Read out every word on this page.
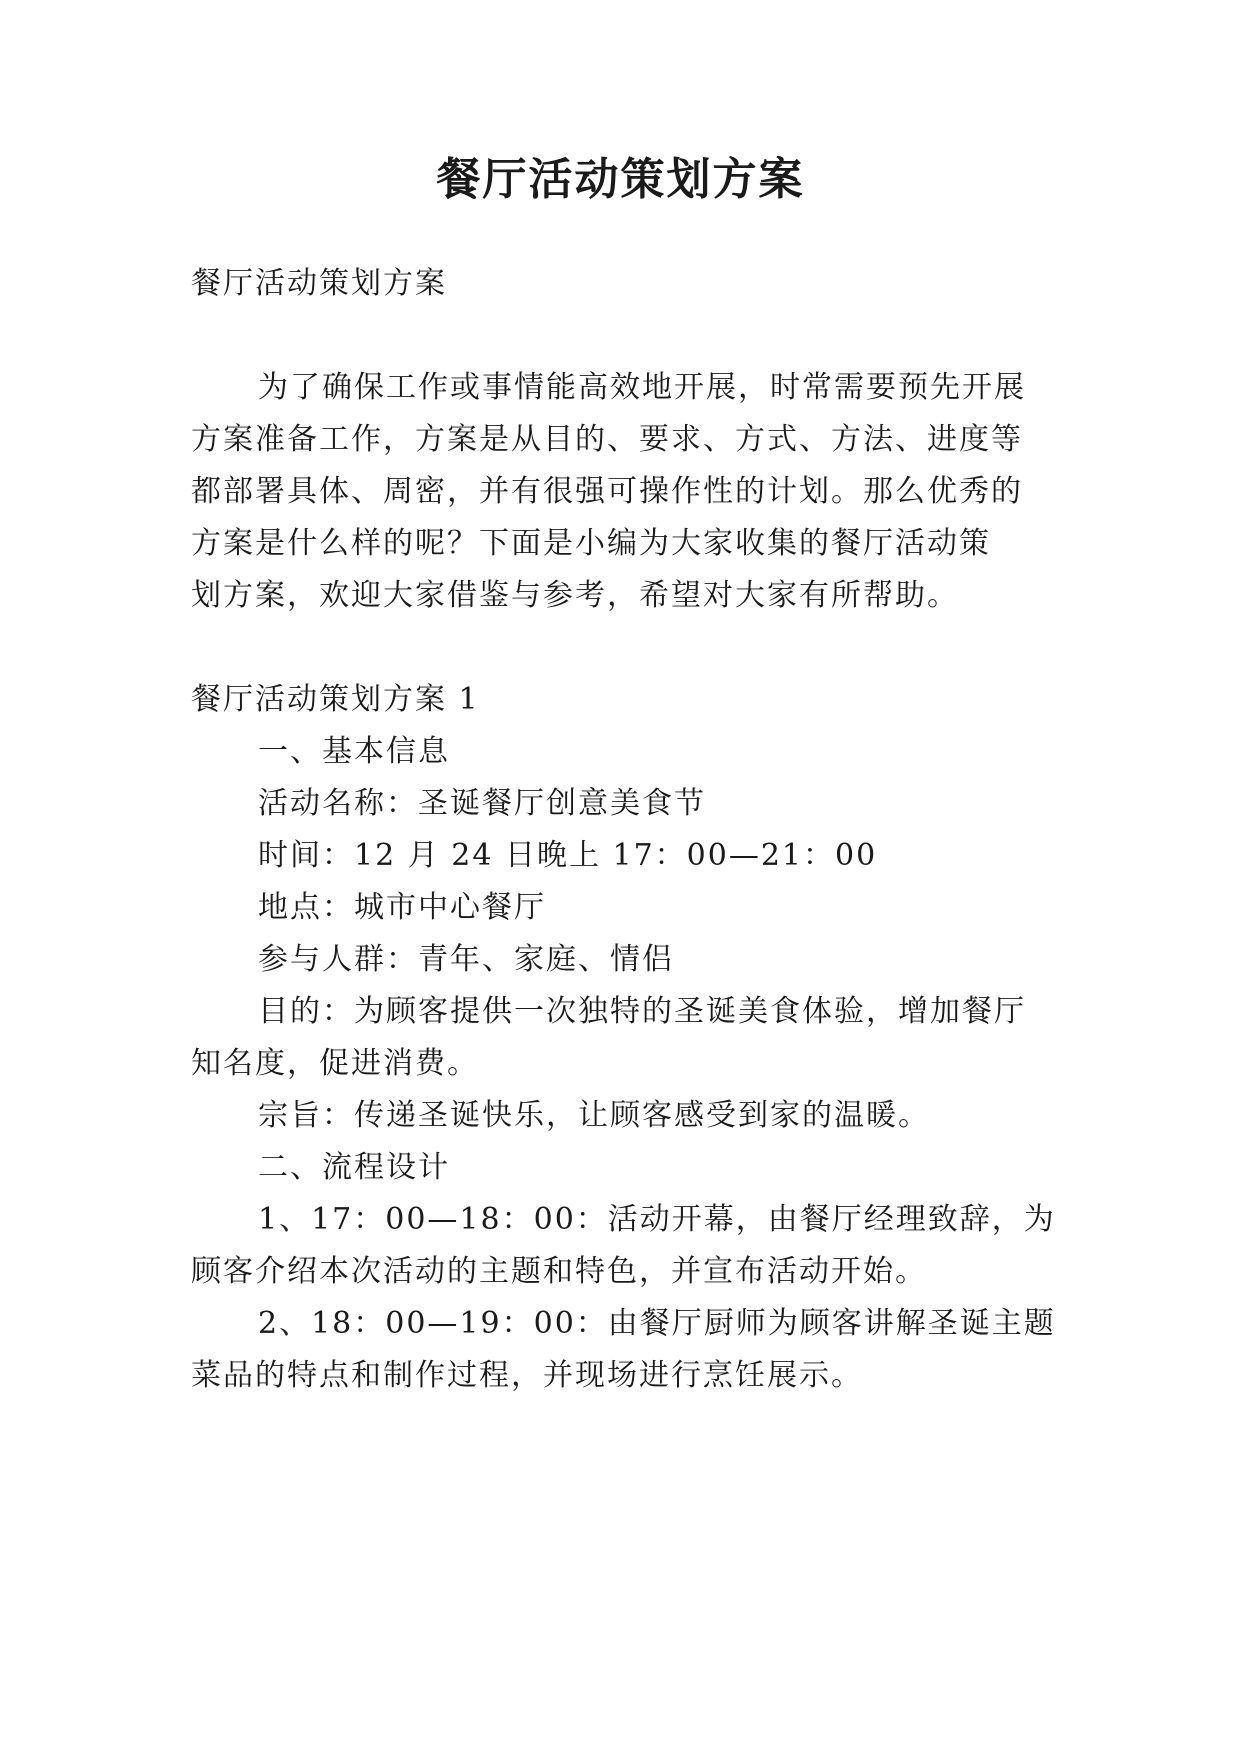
餐厅活动策划方案

餐厅活动策划方案

为了确保工作或事情能高效地开展，时常需要预先开展

方案准备工作，方案是从目的、要求、方式、方法、进度等

都部署具体、周密，并有很强可操作性的计划。那么优秀的

方案是什么样的呢？下面是小编为大家收集的餐厅活动策

划方案，欢迎大家借鉴与参考，希望对大家有所帮助。

餐厅活动策划方案 1

一、基本信息

活动名称：圣诞餐厅创意美食节

时间：12 月 24 日晚上 17：00—21：00

地点：城市中心餐厅

参与人群：青年、家庭、情侣

目的：为顾客提供一次独特的圣诞美食体验，增加餐厅

知名度，促进消费。

宗旨：传递圣诞快乐，让顾客感受到家的温暖。

二、流程设计

1、17：00—18：00：活动开幕，由餐厅经理致辞，为

顾客介绍本次活动的主题和特色，并宣布活动开始。

2、18：00—19：00：由餐厅厨师为顾客讲解圣诞主题

菜品的特点和制作过程，并现场进行烹饪展示。
